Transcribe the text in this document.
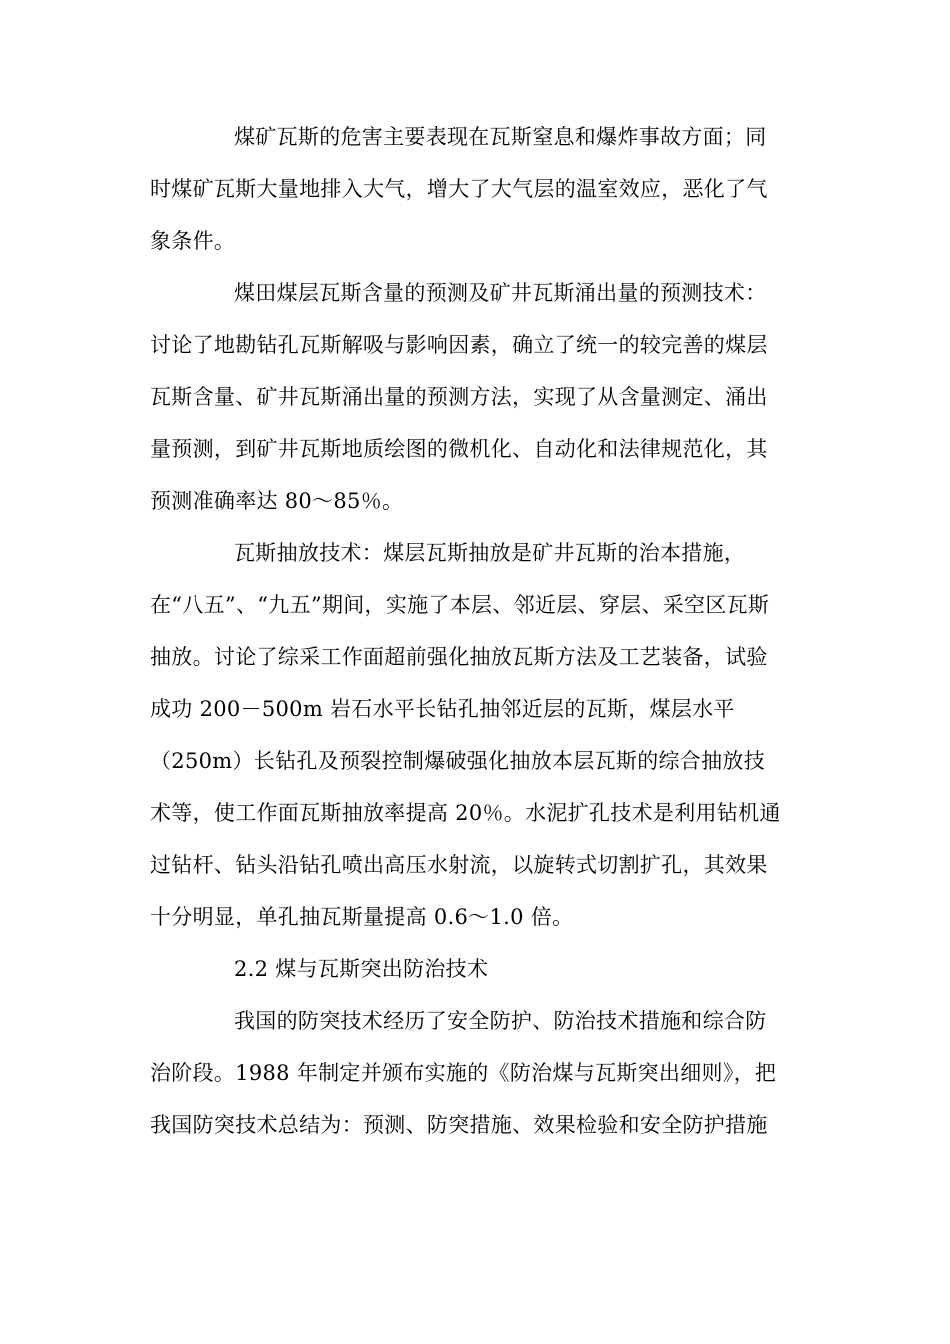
煤矿瓦斯的危害主要表现在瓦斯窒息和爆炸事故方面；同
时煤矿瓦斯大量地排入大气，增大了大气层的温室效应，恶化了气
象条件。
煤田煤层瓦斯含量的预测及矿井瓦斯涌出量的预测技术：
讨论了地勘钻孔瓦斯解吸与影响因素，确立了统一的较完善的煤层
瓦斯含量、矿井瓦斯涌出量的预测方法，实现了从含量测定、涌出
量预测，到矿井瓦斯地质绘图的微机化、自动化和法律规范化，其
预测准确率达 80～85％。
瓦斯抽放技术：煤层瓦斯抽放是矿井瓦斯的治本措施，
在“八五”、“九五”期间，实施了本层、邻近层、穿层、采空区瓦斯
抽放。讨论了综采工作面超前强化抽放瓦斯方法及工艺装备，试验
成功 200－500m 岩石水平长钻孔抽邻近层的瓦斯，煤层水平
（250m）长钻孔及预裂控制爆破强化抽放本层瓦斯的综合抽放技
术等，使工作面瓦斯抽放率提高 20％。水泥扩孔技术是利用钻机通
过钻杆、钻头沿钻孔喷出高压水射流，以旋转式切割扩孔，其效果
十分明显，单孔抽瓦斯量提高 0.6～1.0 倍。
2.2 煤与瓦斯突出防治技术
我国的防突技术经历了安全防护、防治技术措施和综合防
治阶段。1988 年制定并颁布实施的《防治煤与瓦斯突出细则》，把
我国防突技术总结为：预测、防突措施、效果检验和安全防护措施
